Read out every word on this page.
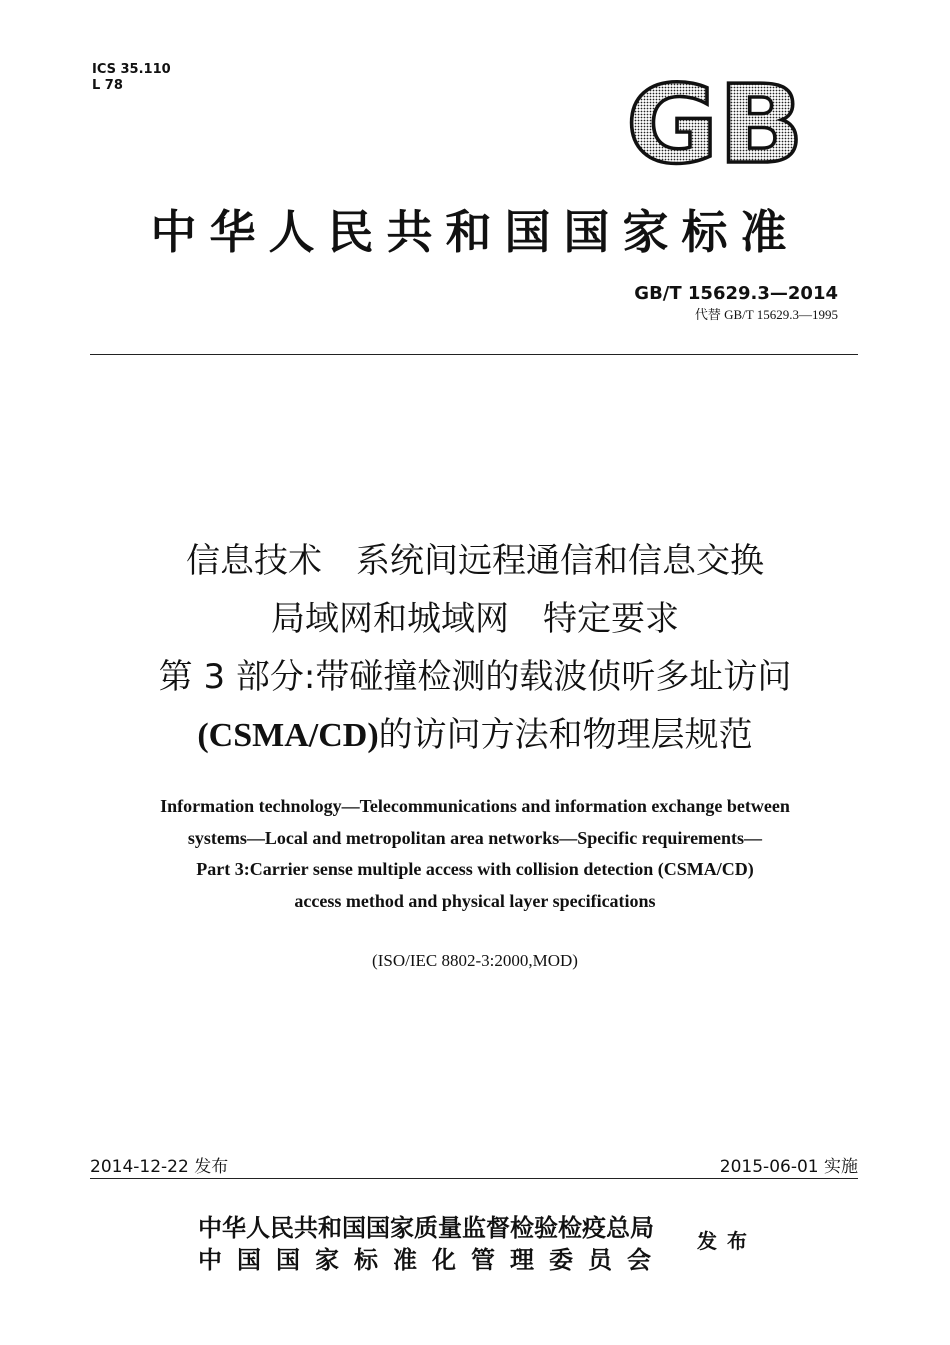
ICS 35.110
L 78	GB
中华人民共和国国家标准
GB/T 15629.3—2014
代替 GB/T 15629.3—1995
信息技术　系统间远程通信和信息交换
局域网和城域网　特定要求
第 3 部分:带碰撞检测的载波侦听多址访问
(CSMA/CD)的访问方法和物理层规范
Information technology—Telecommunications and information exchange between
systems—Local and metropolitan area networks—Specific requirements—
Part 3:Carrier sense multiple access with collision detection (CSMA/CD)
access method and physical layer specifications
(ISO/IEC 8802-3:2000,MOD)
2014-12-22 发布	2015-06-01 实施
中华人民共和国国家质量监督检验检疫总局
中国国家标准化管理委员会
发布
